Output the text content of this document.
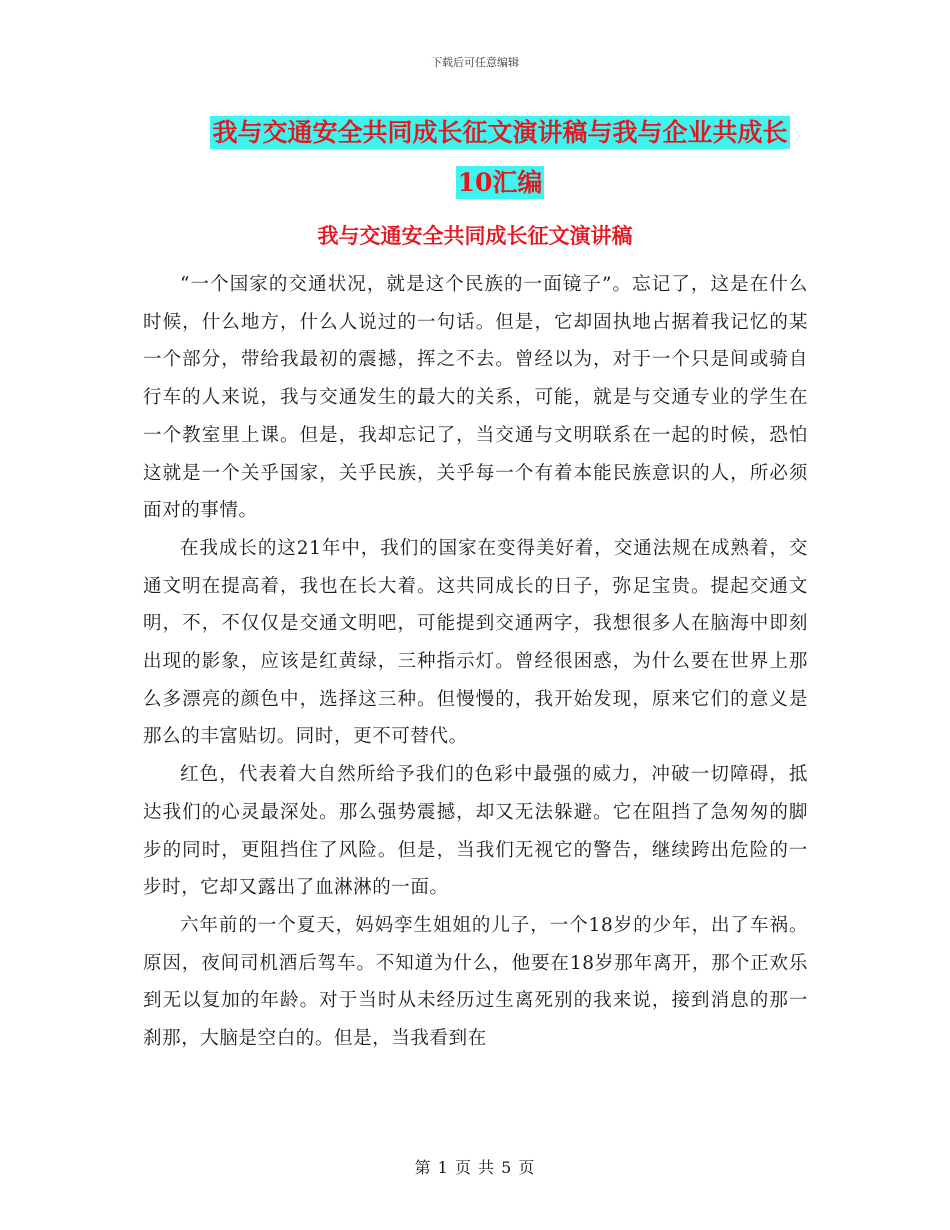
下载后可任意编辑
我与交通安全共同成长征文演讲稿与我与企业共成长
10汇编
我与交通安全共同成长征文演讲稿

“一个国家的交通状况，就是这个民族的一面镜子”。忘记了，这是在什么时候，什么地方，什么人说过的一句话。但是，它却固执地占据着我记忆的某一个部分，带给我最初的震撼，挥之不去。曾经以为，对于一个只是间或骑自行车的人来说，我与交通发生的最大的关系，可能，就是与交通专业的学生在一个教室里上课。但是，我却忘记了，当交通与文明联系在一起的时候，恐怕这就是一个关乎国家，关乎民族，关乎每一个有着本能民族意识的人，所必须面对的事情。

在我成长的这21年中，我们的国家在变得美好着，交通法规在成熟着，交通文明在提高着，我也在长大着。这共同成长的日子，弥足宝贵。提起交通文明，不，不仅仅是交通文明吧，可能提到交通两字，我想很多人在脑海中即刻出现的影象，应该是红黄绿，三种指示灯。曾经很困惑，为什么要在世界上那么多漂亮的颜色中，选择这三种。但慢慢的，我开始发现，原来它们的意义是那么的丰富贴切。同时，更不可替代。

红色，代表着大自然所给予我们的色彩中最强的威力，冲破一切障碍，抵达我们的心灵最深处。那么强势震撼，却又无法躲避。它在阻挡了急匆匆的脚步的同时，更阻挡住了风险。但是，当我们无视它的警告，继续跨出危险的一步时，它却又露出了血淋淋的一面。

六年前的一个夏天，妈妈孪生姐姐的儿子，一个18岁的少年，出了车祸。原因，夜间司机酒后驾车。不知道为什么，他要在18岁那年离开，那个正欢乐到无以复加的年龄。对于当时从未经历过生离死别的我来说，接到消息的那一刹那，大脑是空白的。但是，当我看到在

第 1 页 共 5 页
